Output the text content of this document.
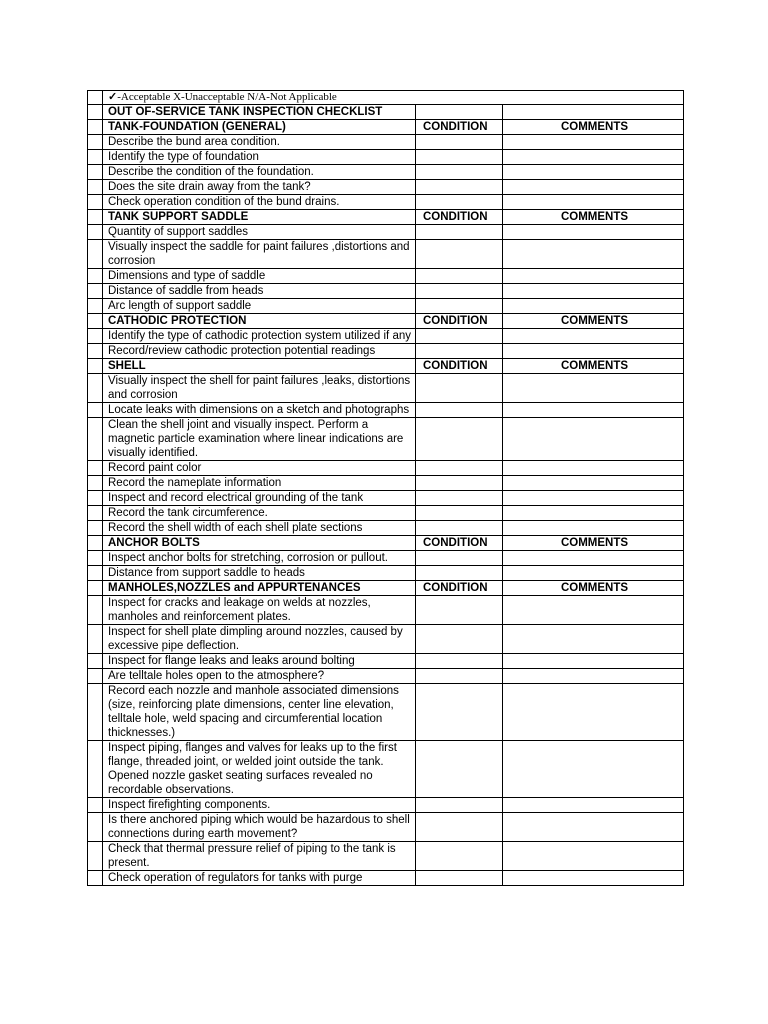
	✓-Acceptable X-Unacceptable N/A-Not Applicable		
	OUT OF-SERVICE TANK INSPECTION CHECKLIST		
	TANK-FOUNDATION (GENERAL)	CONDITION	COMMENTS
	Describe the bund area condition.		
	Identify the type of foundation		
	Describe the condition of the foundation.		
	Does the site drain away from the tank?		
	Check operation condition of the bund drains.		
	TANK SUPPORT SADDLE	CONDITION	COMMENTS
	Quantity of support saddles		
	Visually inspect the saddle for paint failures ,distortions and corrosion		
	Dimensions and type of saddle		
	Distance of saddle from heads		
	Arc length of support saddle		
	CATHODIC PROTECTION	CONDITION	COMMENTS
	Identify the type of cathodic protection system utilized if any		
	Record/review cathodic protection potential readings		
	SHELL	CONDITION	COMMENTS
	Visually inspect the shell for paint failures ,leaks, distortions and corrosion		
	Locate leaks with dimensions on a sketch and photographs		
	Clean the shell joint and visually inspect. Perform a magnetic particle examination where linear indications are visually identified.		
	Record paint color		
	Record the nameplate information		
	Inspect and record electrical grounding of the tank		
	Record the tank circumference.		
	Record the shell width of each shell plate sections		
	ANCHOR BOLTS	CONDITION	COMMENTS
	Inspect anchor bolts for stretching, corrosion or pullout.		
	Distance from support saddle to heads		
	MANHOLES,NOZZLES and APPURTENANCES	CONDITION	COMMENTS
	Inspect for cracks and leakage on welds at nozzles, manholes and reinforcement plates.		
	Inspect for shell plate dimpling around nozzles, caused by excessive pipe deflection.		
	Inspect for flange leaks and leaks around bolting		
	Are telltale holes open to the atmosphere?		
	Record each nozzle and manhole associated dimensions (size, reinforcing plate dimensions, center line elevation, telltale hole, weld spacing and circumferential location thicknesses.)		
	Inspect piping, flanges and valves for leaks up to the first flange, threaded joint, or welded joint outside the tank. Opened nozzle gasket seating surfaces revealed no recordable observations.		
	Inspect firefighting components.		
	Is there anchored piping which would be hazardous to shell connections during earth movement?		
	Check that thermal pressure relief of piping to the tank is present.		
	Check operation of regulators for tanks with purge		
